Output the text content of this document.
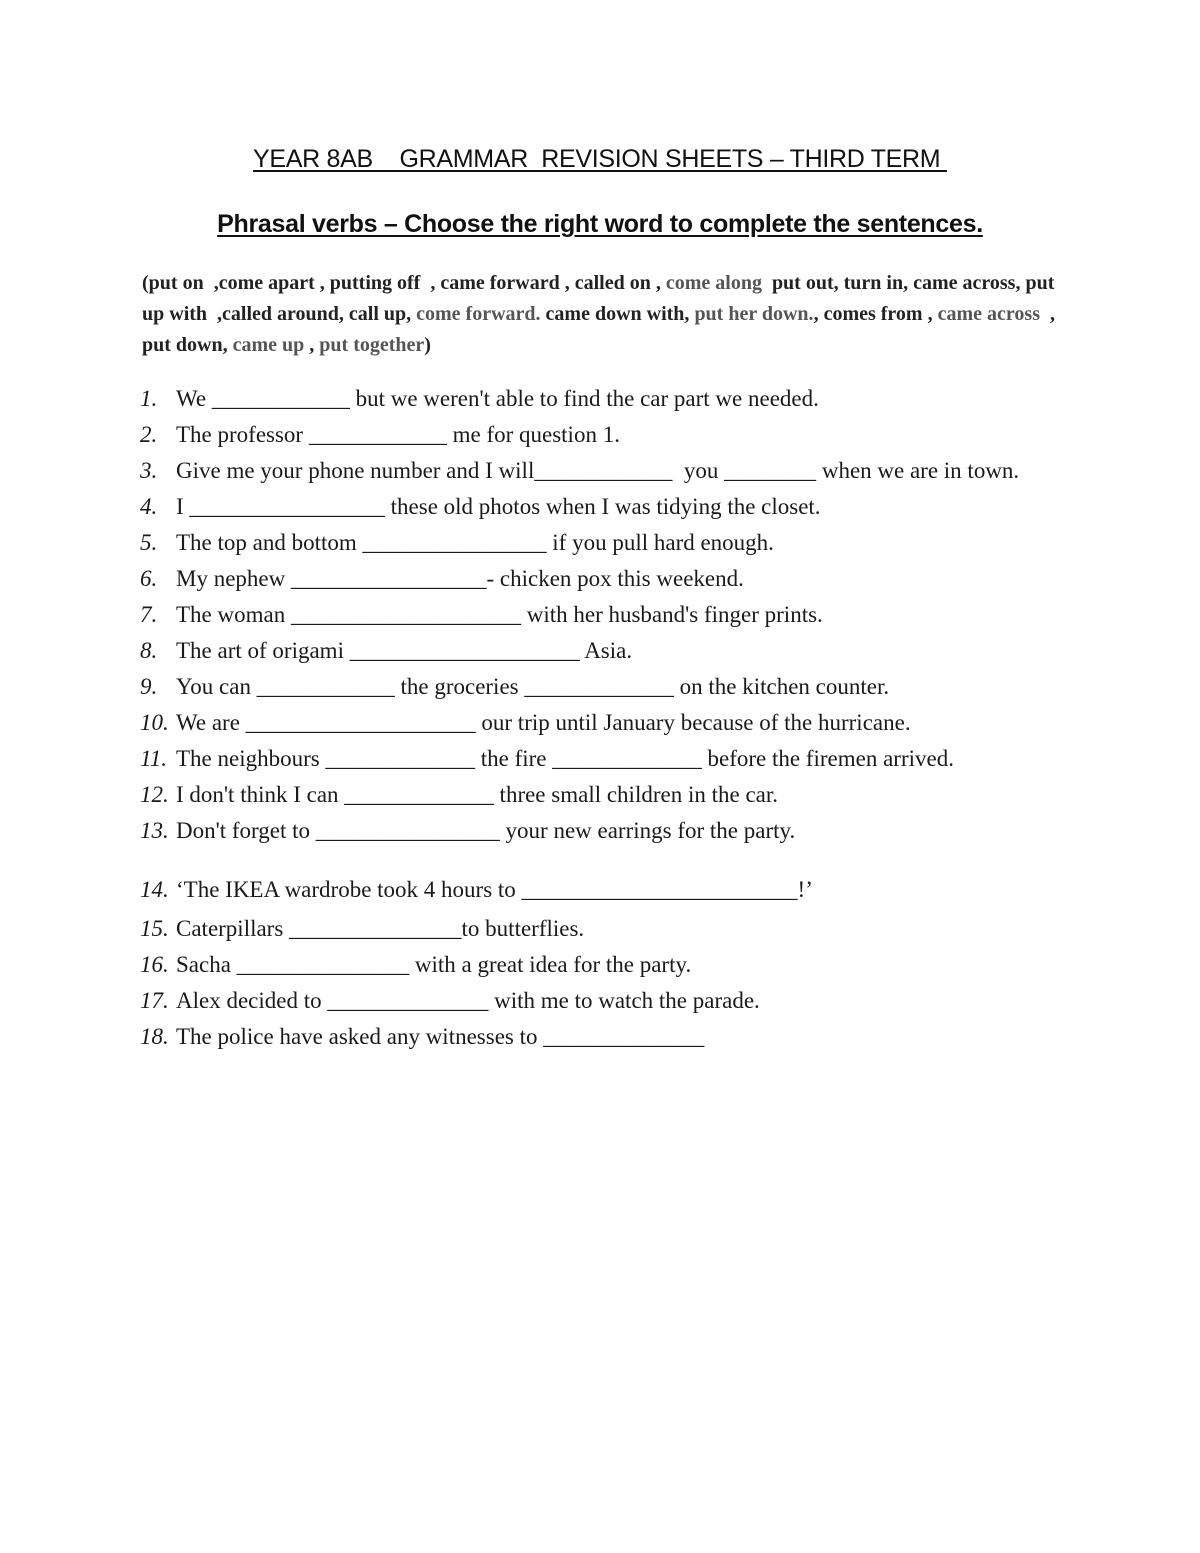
YEAR 8AB    GRAMMAR  REVISION SHEETS – THIRD TERM
Phrasal verbs – Choose the right word to complete the sentences.
(put on  ,come apart , putting off  , came forward , called on , come along  put out, turn in, came across, put up with  ,called around, call up, come forward. came down with, put her down., comes from , came across  , put down, came up , put together)
1. We ____________ but we weren't able to find the car part we needed.
2. The professor ____________ me for question 1.
3. Give me your phone number and I will____________  you ________ when we are in town.
4. I _________________ these old photos when I was tidying the closet.
5. The top and bottom ________________ if you pull hard enough.
6. My nephew _________________- chicken pox this weekend.
7. The woman ____________________ with her husband's finger prints.
8. The art of origami ____________________ Asia.
9. You can ____________ the groceries _____________ on the kitchen counter.
10. We are ____________________ our trip until January because of the hurricane.
11. The neighbours _____________ the fire _____________ before the firemen arrived.
12. I don't think I can _____________ three small children in the car.
13. Don't forget to ________________ your new earrings for the party.
14. ‘The IKEA wardrobe took 4 hours to ________________________!’
15. Caterpillars _______________to butterflies.
16. Sacha _______________ with a great idea for the party.
17. Alex decided to ______________ with me to watch the parade.
18. The police have asked any witnesses to ______________
